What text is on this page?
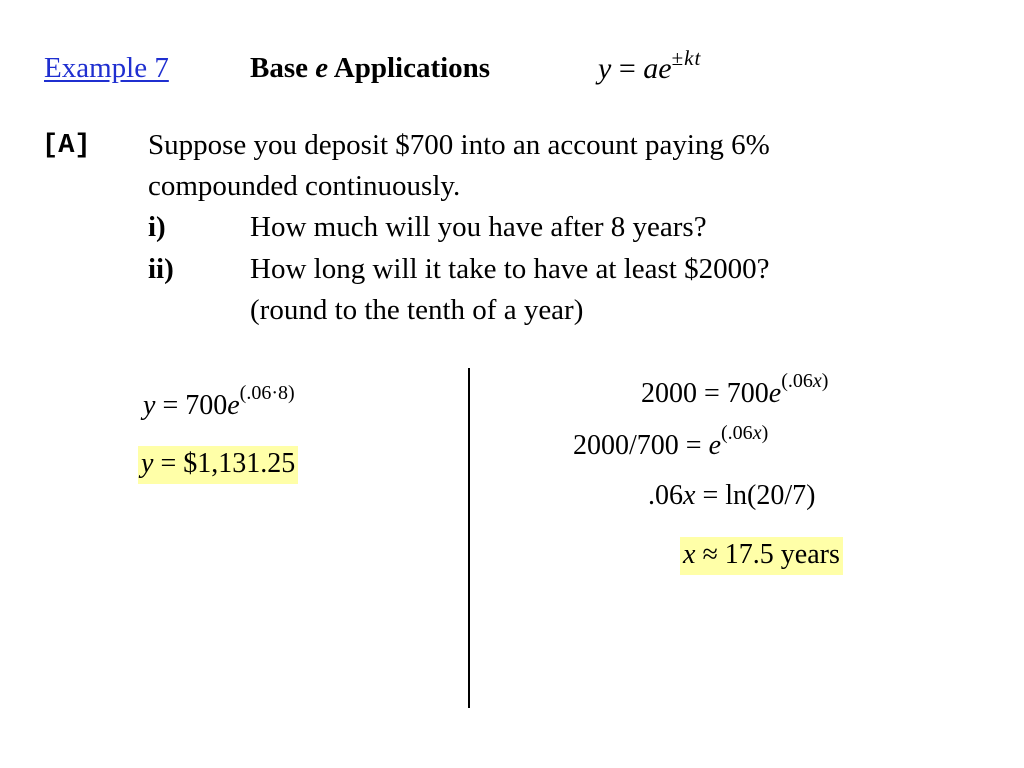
Example 7	Base e Applications	$y = ae^{\pm kt}$
[A] Suppose you deposit $700 into an account paying 6%
compounded continuously.
i)	How much will you have after 8 years?
ii)	How long will it take to have at least $2000?
(round to the tenth of a year)
$y = 700e^{(.06\cdot 8)}$
y = $1,131.25
$2000 = 700e^{(.06x)}$
$2000/700 = e^{(.06x)}$
.06x = ln(20/7)
x ≈ 17.5 years
